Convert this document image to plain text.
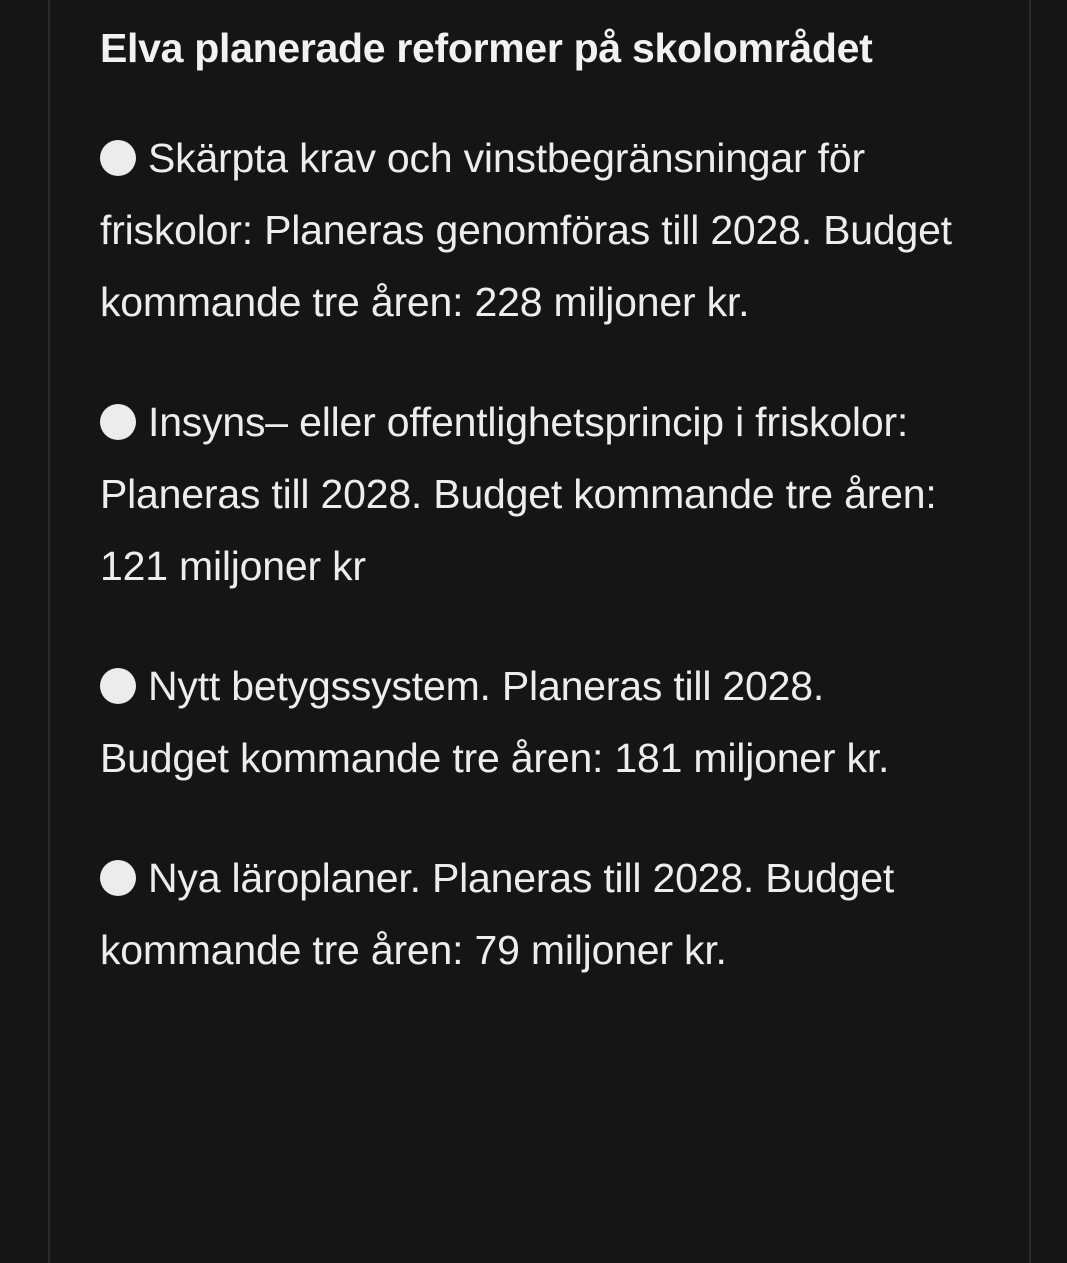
Elva planerade reformer på skolområdet
Skärpta krav och vinstbegränsningar för friskolor: Planeras genomföras till 2028. Budget kommande tre åren: 228 miljoner kr.
Insyns– eller offentlighetsprincip i friskolor: Planeras till 2028. Budget kommande tre åren: 121 miljoner kr
Nytt betygssystem. Planeras till 2028. Budget kommande tre åren: 181 miljoner kr.
Nya läroplaner. Planeras till 2028. Budget kommande tre åren: 79 miljoner kr.
